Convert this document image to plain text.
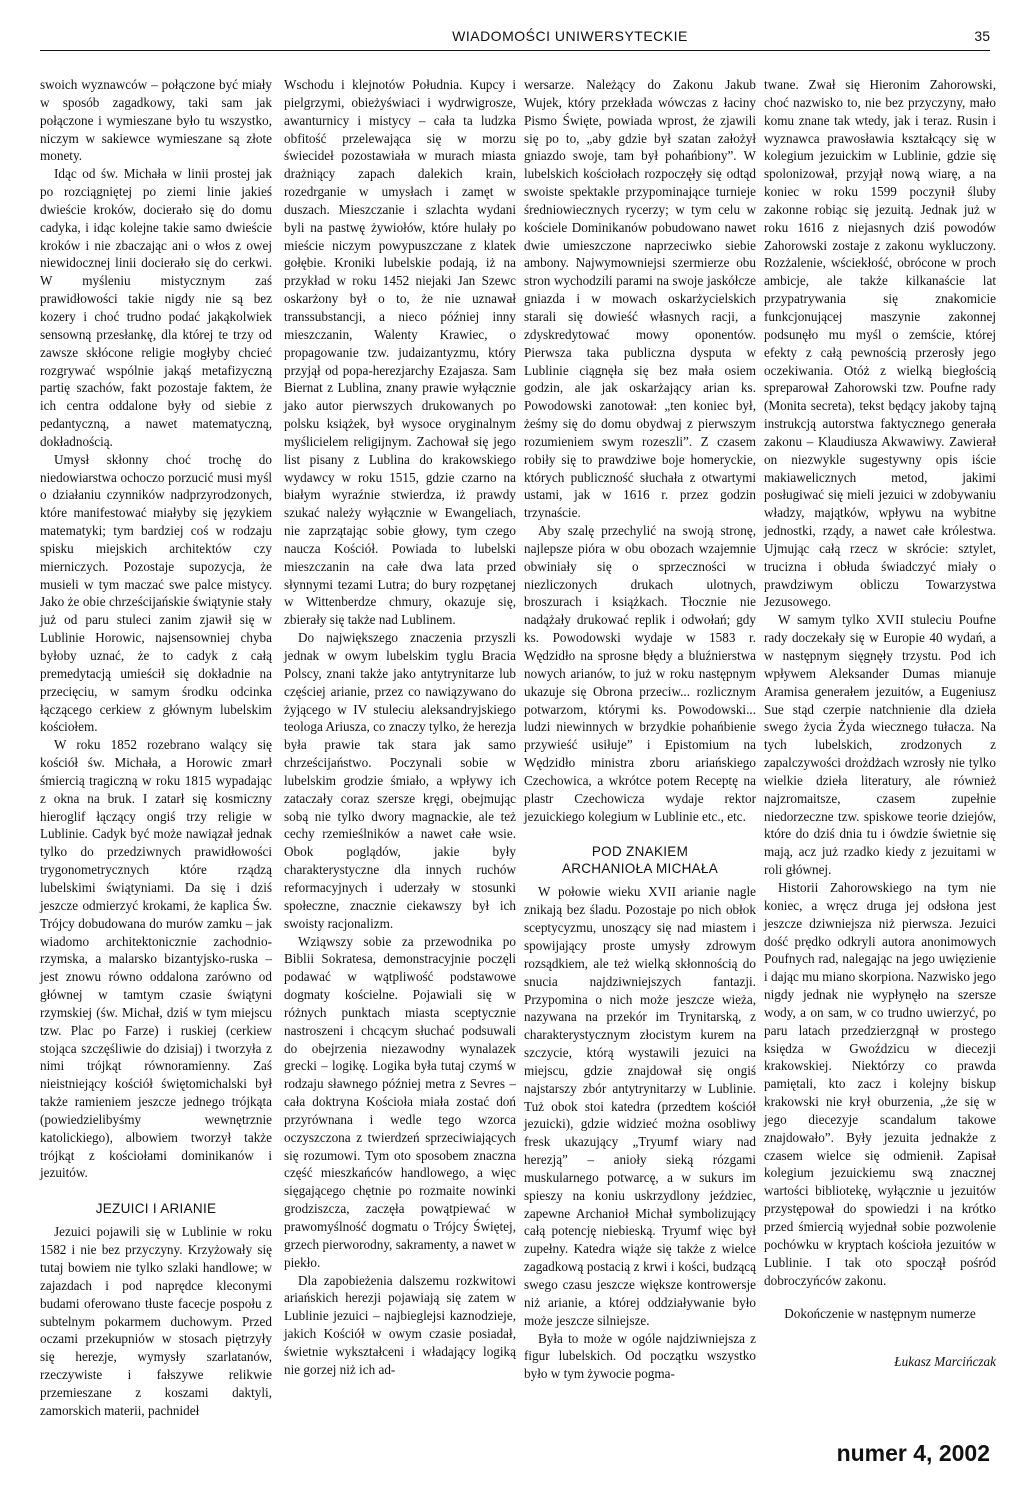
WIADOMOŚCI UNIWERSYTECKIE	35

swoich wyznawców – połączone być miały w sposób zagadkowy, taki sam jak połączone i wymieszane było tu wszystko, niczym w sakiewce wymieszane są złote monety.

Idąc od św. Michała w linii prostej jak po rozciągniętej po ziemi linie jakieś dwieście kroków, docierało się do domu cadyka, i idąc kolejne takie samo dwieście kroków i nie zbaczając ani o włos z owej niewidocznej linii docierało się do cerkwi. W myśleniu mistycznym zaś prawidłowości takie nigdy nie są bez kozery i choć trudno podać jakąkolwiek sensowną przesłankę, dla której te trzy od zawsze skłócone religie mogłyby chcieć rozgrywać wspólnie jakąś metafizyczną partię szachów, fakt pozostaje faktem, że ich centra oddalone były od siebie z pedantyczną, a nawet matematyczną, dokładnością.

Umysł skłonny choć trochę do niedowiarstwa ochoczo porzucić musi myśl o działaniu czynników nadprzyrodzonych, które manifestować miałyby się językiem matematyki; tym bardziej coś w rodzaju spisku miejskich architektów czy mierniczych. Pozostaje supozycja, że musieli w tym maczać swe palce mistycy. Jako że obie chrześcijańskie świątynie stały już od paru stuleci zanim zjawił się w Lublinie Horowic, najsensowniej chyba byłoby uznać, że to cadyk z całą premedytacją umieścił się dokładnie na przecięciu, w samym środku odcinka łączącego cerkiew z głównym lubelskim kościołem.

W roku 1852 rozebrano walący się kościół św. Michała, a Horowic zmarł śmiercią tragiczną w roku 1815 wypadając z okna na bruk. I zatarł się kosmiczny hieroglif łączący ongiś trzy religie w Lublinie. Cadyk być może nawiązał jednak tylko do przedziwnych prawidłowości trygonometrycznych które rządzą lubelskimi świątyniami. Da się i dziś jeszcze odmierzyć krokami, że kaplica Św. Trójcy dobudowana do murów zamku – jak wiadomo architektonicznie zachodnio-rzymska, a malarsko bizantyjsko-ruska – jest znowu równo oddalona zarówno od głównej w tamtym czasie świątyni rzymskiej (św. Michał, dziś w tym miejscu tzw. Plac po Farze) i ruskiej (cerkiew stojąca szczęśliwie do dzisiaj) i tworzyła z nimi trójkąt równoramienny. Zaś nieistniejący kościół świętomichalski był także ramieniem jeszcze jednego trójkąta (powiedzielibyśmy wewnętrznie katolickiego), albowiem tworzył także trójkąt z kościołami dominikanów i jezuitów.

JEZUICI I ARIANIE

Jezuici pojawili się w Lublinie w roku 1582 i nie bez przyczyny. Krzyżowały się tutaj bowiem nie tylko szlaki handlowe; w zajazdach i pod naprędce kleconymi budami oferowano tłuste facecje pospołu z subtelnym pokarmem duchowym. Przed oczami przekupniów w stosach piętrzyły się herezje, wymysły szarlatanów, rzeczywiste i fałszywe relikwie przemieszane z koszami daktyli, zamorskich materii, pachnideł

Wschodu i klejnotów Południa. Kupcy i pielgrzymi, obieżyświaci i wydrwigrosze, awanturnicy i mistycy – cała ta ludzka obfitość przelewająca się w morzu świecideł pozostawiała w murach miasta drażniący zapach dalekich krain, rozedrganie w umysłach i zamęt w duszach. Mieszczanie i szlachta wydani byli na pastwę żywiołów, które hulały po mieście niczym powypuszczane z klatek gołębie. Kroniki lubelskie podają, iż na przykład w roku 1452 niejaki Jan Szewc oskarżony był o to, że nie uznawał transsubstancji, a nieco później inny mieszczanin, Walenty Krawiec, o propagowanie tzw. judaizantyzmu, który przyjął od popa-herezjarchy Ezajasza. Sam Biernat z Lublina, znany prawie wyłącznie jako autor pierwszych drukowanych po polsku książek, był wysoce oryginalnym myślicielem religijnym. Zachował się jego list pisany z Lublina do krakowskiego wydawcy w roku 1515, gdzie czarno na białym wyraźnie stwierdza, iż prawdy szukać należy wyłącznie w Ewangeliach, nie zaprzątając sobie głowy, tym czego naucza Kościół. Powiada to lubelski mieszczanin na całe dwa lata przed słynnymi tezami Lutra; do bury rozpętanej w Wittenberdze chmury, okazuje się, zbierały się także nad Lublinem.

Do największego znaczenia przyszli jednak w owym lubelskim tyglu Bracia Polscy, znani także jako antytrynitarze lub częściej arianie, przez co nawiązywano do żyjącego w IV stuleciu aleksandryjskiego teologa Ariusza, co znaczy tylko, że herezja była prawie tak stara jak samo chrześcijaństwo. Poczynali sobie w lubelskim grodzie śmiało, a wpływy ich zataczały coraz szersze kręgi, obejmując sobą nie tylko dwory magnackie, ale też cechy rzemieślników a nawet całe wsie. Obok poglądów, jakie były charakterystyczne dla innych ruchów reformacyjnych i uderzały w stosunki społeczne, znacznie ciekawszy był ich swoisty racjonalizm.

Wziąwszy sobie za przewodnika po Biblii Sokratesa, demonstracyjnie poczęli podawać w wątpliwość podstawowe dogmaty kościelne. Pojawiali się w różnych punktach miasta sceptycznie nastroszeni i chcącym słuchać podsuwali do obejrzenia niezawodny wynalazek grecki – logikę. Logika była tutaj czymś w rodzaju sławnego później metra z Sevres – cała doktryna Kościoła miała zostać doń przyrównana i wedle tego wzorca oczyszczona z twierdzeń sprzeciwiających się rozumowi. Tym oto sposobem znaczna część mieszkańców handlowego, a więc sięgającego chętnie po rozmaite nowinki grodziszcza, zaczęła powątpiewać w prawomyślność dogmatu o Trójcy Świętej, grzech pierworodny, sakramenty, a nawet w piekło.

Dla zapobieżenia dalszemu rozkwitowi ariańskich herezji pojawiają się zatem w Lublinie jezuici – najbieglejsi kaznodzieje, jakich Kościół w owym czasie posiadał, świetnie wykształceni i władający logiką nie gorzej niż ich ad-

wersarze. Należący do Zakonu Jakub Wujek, który przekłada wówczas z łaciny Pismo Święte, powiada wprost, że zjawili się po to, „aby gdzie był szatan założył gniazdo swoje, tam był pohańbiony”. W lubelskich kościołach rozpoczęły się odtąd swoiste spektakle przypominające turnieje średniowiecznych rycerzy; w tym celu w kościele Dominikanów pobudowano nawet dwie umieszczone naprzeciwko siebie ambony. Najwymowniejsi szermierze obu stron wychodzili parami na swoje jaskółcze gniazda i w mowach oskarżycielskich starali się dowieść własnych racji, a zdyskredytować mowy oponentów. Pierwsza taka publiczna dysputa w Lublinie ciągnęła się bez mała osiem godzin, ale jak oskarżający arian ks. Powodowski zanotował: „ten koniec był, żeśmy się do domu obydwaj z pierwszym rozumieniem swym rozeszli”. Z czasem robiły się to prawdziwe boje homeryckie, których publiczność słuchała z otwartymi ustami, jak w 1616 r. przez godzin trzynaście.

Aby szalę przechylić na swoją stronę, najlepsze pióra w obu obozach wzajemnie obwiniały się o sprzeczności w niezliczonych drukach ulotnych, broszurach i książkach. Tłocznie nie nadążały drukować replik i odwołań; gdy ks. Powodowski wydaje w 1583 r. Wędzidło na sprosne błędy a bluźnierstwa nowych arianów, to już w roku następnym ukazuje się Obrona przeciw... rozlicznym potwarzom, którymi ks. Powodowski... ludzi niewinnych w brzydkie pohańbienie przywieść usiłuje” i Epistomium na Wędzidło ministra zboru ariańskiego Czechowica, a wkrótce potem Receptę na plastr Czechowicza wydaje rektor jezuickiego kolegium w Lublinie etc., etc.

POD ZNAKIEM
ARCHANIOŁA MICHAŁA

W połowie wieku XVII arianie nagle znikają bez śladu. Pozostaje po nich obłok sceptycyzmu, unoszący się nad miastem i spowijający proste umysły zdrowym rozsądkiem, ale też wielką skłonnością do snucia najdziwniejszych fantazji. Przypomina o nich może jeszcze wieża, nazywana na przekór im Trynitarską, z charakterystycznym złocistym kurem na szczycie, którą wystawili jezuici na miejscu, gdzie znajdował się ongiś najstarszy zbór antytrynitarzy w Lublinie. Tuż obok stoi katedra (przedtem kościół jezuicki), gdzie widzieć można osobliwy fresk ukazujący „Tryumf wiary nad herezją” – anioły sieką rózgami muskularnego potwarcę, a w sukurs im spieszy na koniu uskrzydlony jeździec, zapewne Archanioł Michał symbolizujący całą potencję niebieską. Tryumf więc był zupełny. Katedra wiąże się także z wielce zagadkową postacią z krwi i kości, budzącą swego czasu jeszcze większe kontrowersje niż arianie, a której oddziaływanie było może jeszcze silniejsze.

Była to może w ogóle najdziwniejsza z figur lubelskich. Od początku wszystko było w tym żywocie pogma-

twane. Zwał się Hieronim Zahorowski, choć nazwisko to, nie bez przyczyny, mało komu znane tak wtedy, jak i teraz. Rusin i wyznawca prawosławia kształcący się w kolegium jezuickim w Lublinie, gdzie się spolonizował, przyjął nową wiarę, a na koniec w roku 1599 poczynił śluby zakonne robiąc się jezuitą. Jednak już w roku 1616 z niejasnych dziś powodów Zahorowski zostaje z zakonu wykluczony. Rozżalenie, wściekłość, obrócone w proch ambicje, ale także kilkanaście lat przypatrywania się znakomicie funkcjonującej maszynie zakonnej podsunęło mu myśl o zemście, której efekty z całą pewnością przerosły jego oczekiwania. Otóż z wielką biegłością spreparował Zahorowski tzw. Poufne rady (Monita secreta), tekst będący jakoby tajną instrukcją autorstwa faktycznego generała zakonu – Klaudiusza Akwawiwy. Zawierał on niezwykle sugestywny opis iście makiawelicznych metod, jakimi posługiwać się mieli jezuici w zdobywaniu władzy, majątków, wpływu na wybitne jednostki, rządy, a nawet całe królestwa. Ujmując całą rzecz w skrócie: sztylet, trucizna i obłuda świadczyć miały o prawdziwym obliczu Towarzystwa Jezusowego.

W samym tylko XVII stuleciu Poufne rady doczekały się w Europie 40 wydań, a w następnym sięgnęły trzystu. Pod ich wpływem Aleksander Dumas mianuje Aramisa generałem jezuitów, a Eugeniusz Sue stąd czerpie natchnienie dla dzieła swego życia Żyda wiecznego tułacza. Na tych lubelskich, zrodzonych z zapalczywości drożdżach wzrosły nie tylko wielkie dzieła literatury, ale również najzromaitsze, czasem zupełnie niedorzeczne tzw. spiskowe teorie dziejów, które do dziś dnia tu i ówdzie świetnie się mają, acz już rzadko kiedy z jezuitami w roli głównej.

Historii Zahorowskiego na tym nie koniec, a wręcz druga jej odsłona jest jeszcze dziwniejsza niż pierwsza. Jezuici dość prędko odkryli autora anonimowych Poufnych rad, nalegając na jego uwięzienie i dając mu miano skorpiona. Nazwisko jego nigdy jednak nie wypłynęło na szersze wody, a on sam, w co trudno uwierzyć, po paru latach przedzierzgnął w prostego księdza w Gwoździcu w diecezji krakowskiej. Niektórzy co prawda pamiętali, kto zacz i kolejny biskup krakowski nie krył oburzenia, „że się w jego diecezyje scandalum takowe znajdowało”. Były jezuita jednakże z czasem wielce się odmienił. Zapisał kolegium jezuickiemu swą znacznej wartości bibliotekę, wyłącznie u jezuitów przystępował do spowiedzi i na krótko przed śmiercią wyjednał sobie pozwolenie pochówku w kryptach kościoła jezuitów w Lublinie. I tak oto spoczął pośród dobroczyńców zakonu.

Dokończenie w następnym numerze

Łukasz Marcińczak

numer 4, 2002
